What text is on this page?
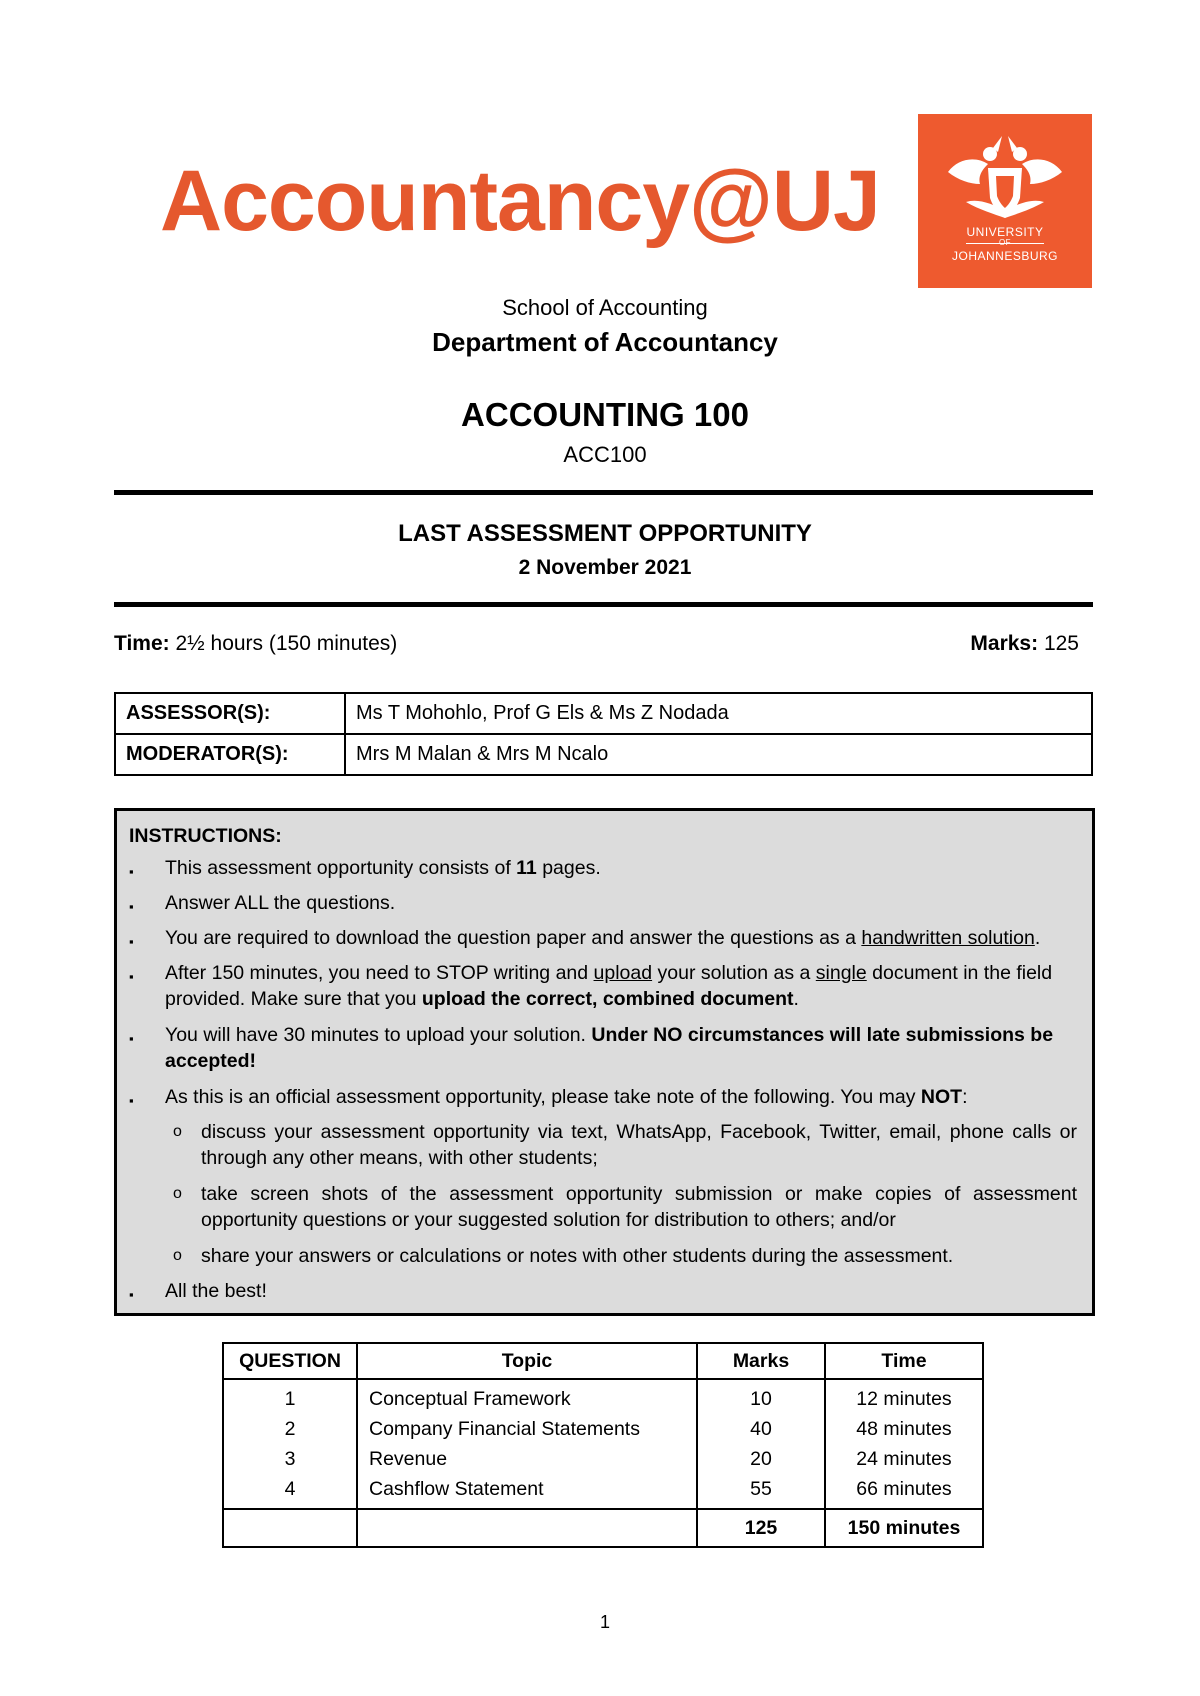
Accountancy@UJ	UNIVERSITY
JOHANNESBURG
School of Accounting
Department of Accountancy
ACCOUNTING 100
ACC100
LAST ASSESSMENT OPPORTUNITY
2 November 2021
Time: 2½ hours (150 minutes)	Marks: 125
ASSESSOR(S):	Ms T Mohohlo, Prof G Els & Ms Z Nodada
MODERATOR(S):	Mrs M Malan & Mrs M Ncalo
INSTRUCTIONS:
▪ This assessment opportunity consists of 11 pages.
▪ Answer ALL the questions.
▪ You are required to download the question paper and answer the questions as a handwritten solution.
▪ After 150 minutes, you need to STOP writing and upload your solution as a single document in the field provided. Make sure that you upload the correct, combined document.
▪ You will have 30 minutes to upload your solution. Under NO circumstances will late submissions be accepted!
▪ As this is an official assessment opportunity, please take note of the following. You may NOT:
o discuss your assessment opportunity via text, WhatsApp, Facebook, Twitter, email, phone calls or through any other means, with other students;
o take screen shots of the assessment opportunity submission or make copies of assessment opportunity questions or your suggested solution for distribution to others; and/or
o share your answers or calculations or notes with other students during the assessment.
▪ All the best!
QUESTION	Topic	Marks	Time
1	Conceptual Framework	10	12 minutes
2	Company Financial Statements	40	48 minutes
3	Revenue	20	24 minutes
4	Cashflow Statement	55	66 minutes
		125	150 minutes
1
